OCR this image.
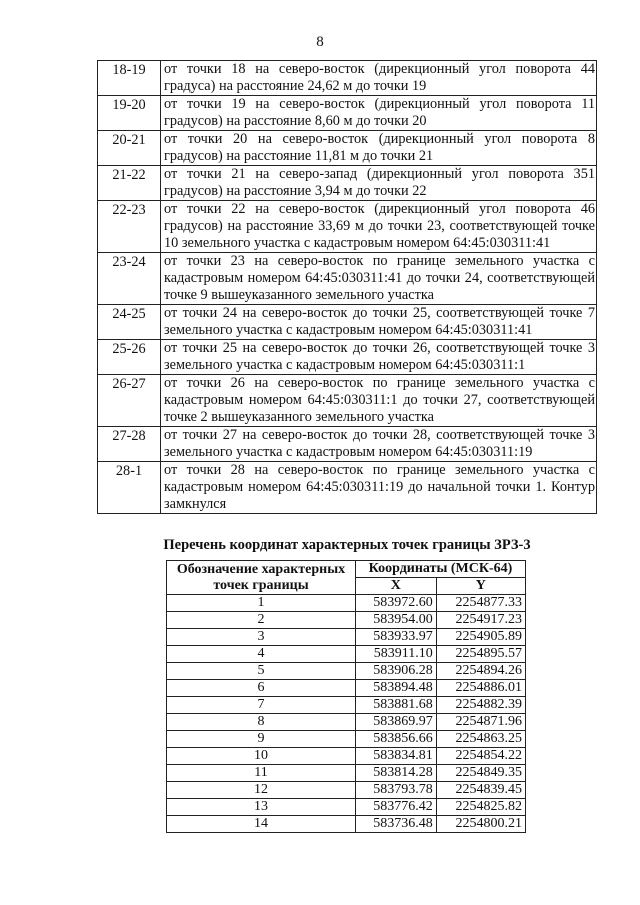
8
18-19	от точки 18 на северо-восток (дирекционный угол поворота 44 градуса) на расстояние 24,62 м до точки 19
19-20	от точки 19 на северо-восток (дирекционный угол поворота 11 градусов) на расстояние 8,60 м до точки 20
20-21	от точки 20 на северо-восток (дирекционный угол поворота 8 градусов) на расстояние 11,81 м до точки 21
21-22	от точки 21 на северо-запад (дирекционный угол поворота 351 градусов) на расстояние 3,94 м до точки 22
22-23	от точки 22 на северо-восток (дирекционный угол поворота 46 градусов) на расстояние 33,69 м до точки 23, соответствующей точке 10 земельного участка с кадастровым номером 64:45:030311:41
23-24	от точки 23 на северо-восток по границе земельного участка с кадастровым номером 64:45:030311:41 до точки 24, соответствующей точке 9 вышеуказанного земельного участка
24-25	от точки 24 на северо-восток до точки 25, соответствующей точке 7 земельного участка с кадастровым номером 64:45:030311:41
25-26	от точки 25 на северо-восток до точки 26, соответствующей точке 3 земельного участка с кадастровым номером 64:45:030311:1
26-27	от точки 26 на северо-восток по границе земельного участка с кадастровым номером 64:45:030311:1 до точки 27, соответствующей точке 2 вышеуказанного земельного участка
27-28	от точки 27 на северо-восток до точки 28, соответствующей точке 3 земельного участка с кадастровым номером 64:45:030311:19
28-1	от точки 28 на северо-восток по границе земельного участка с кадастровым номером 64:45:030311:19 до начальной точки 1. Контур замкнулся
Перечень координат характерных точек границы ЗРЗ-3
Обозначение характерных точек границы	Координаты (МСК-64)	
	X	Y
1	583972.60	2254877.33
2	583954.00	2254917.23
3	583933.97	2254905.89
4	583911.10	2254895.57
5	583906.28	2254894.26
6	583894.48	2254886.01
7	583881.68	2254882.39
8	583869.97	2254871.96
9	583856.66	2254863.25
10	583834.81	2254854.22
11	583814.28	2254849.35
12	583793.78	2254839.45
13	583776.42	2254825.82
14	583736.48	2254800.21
